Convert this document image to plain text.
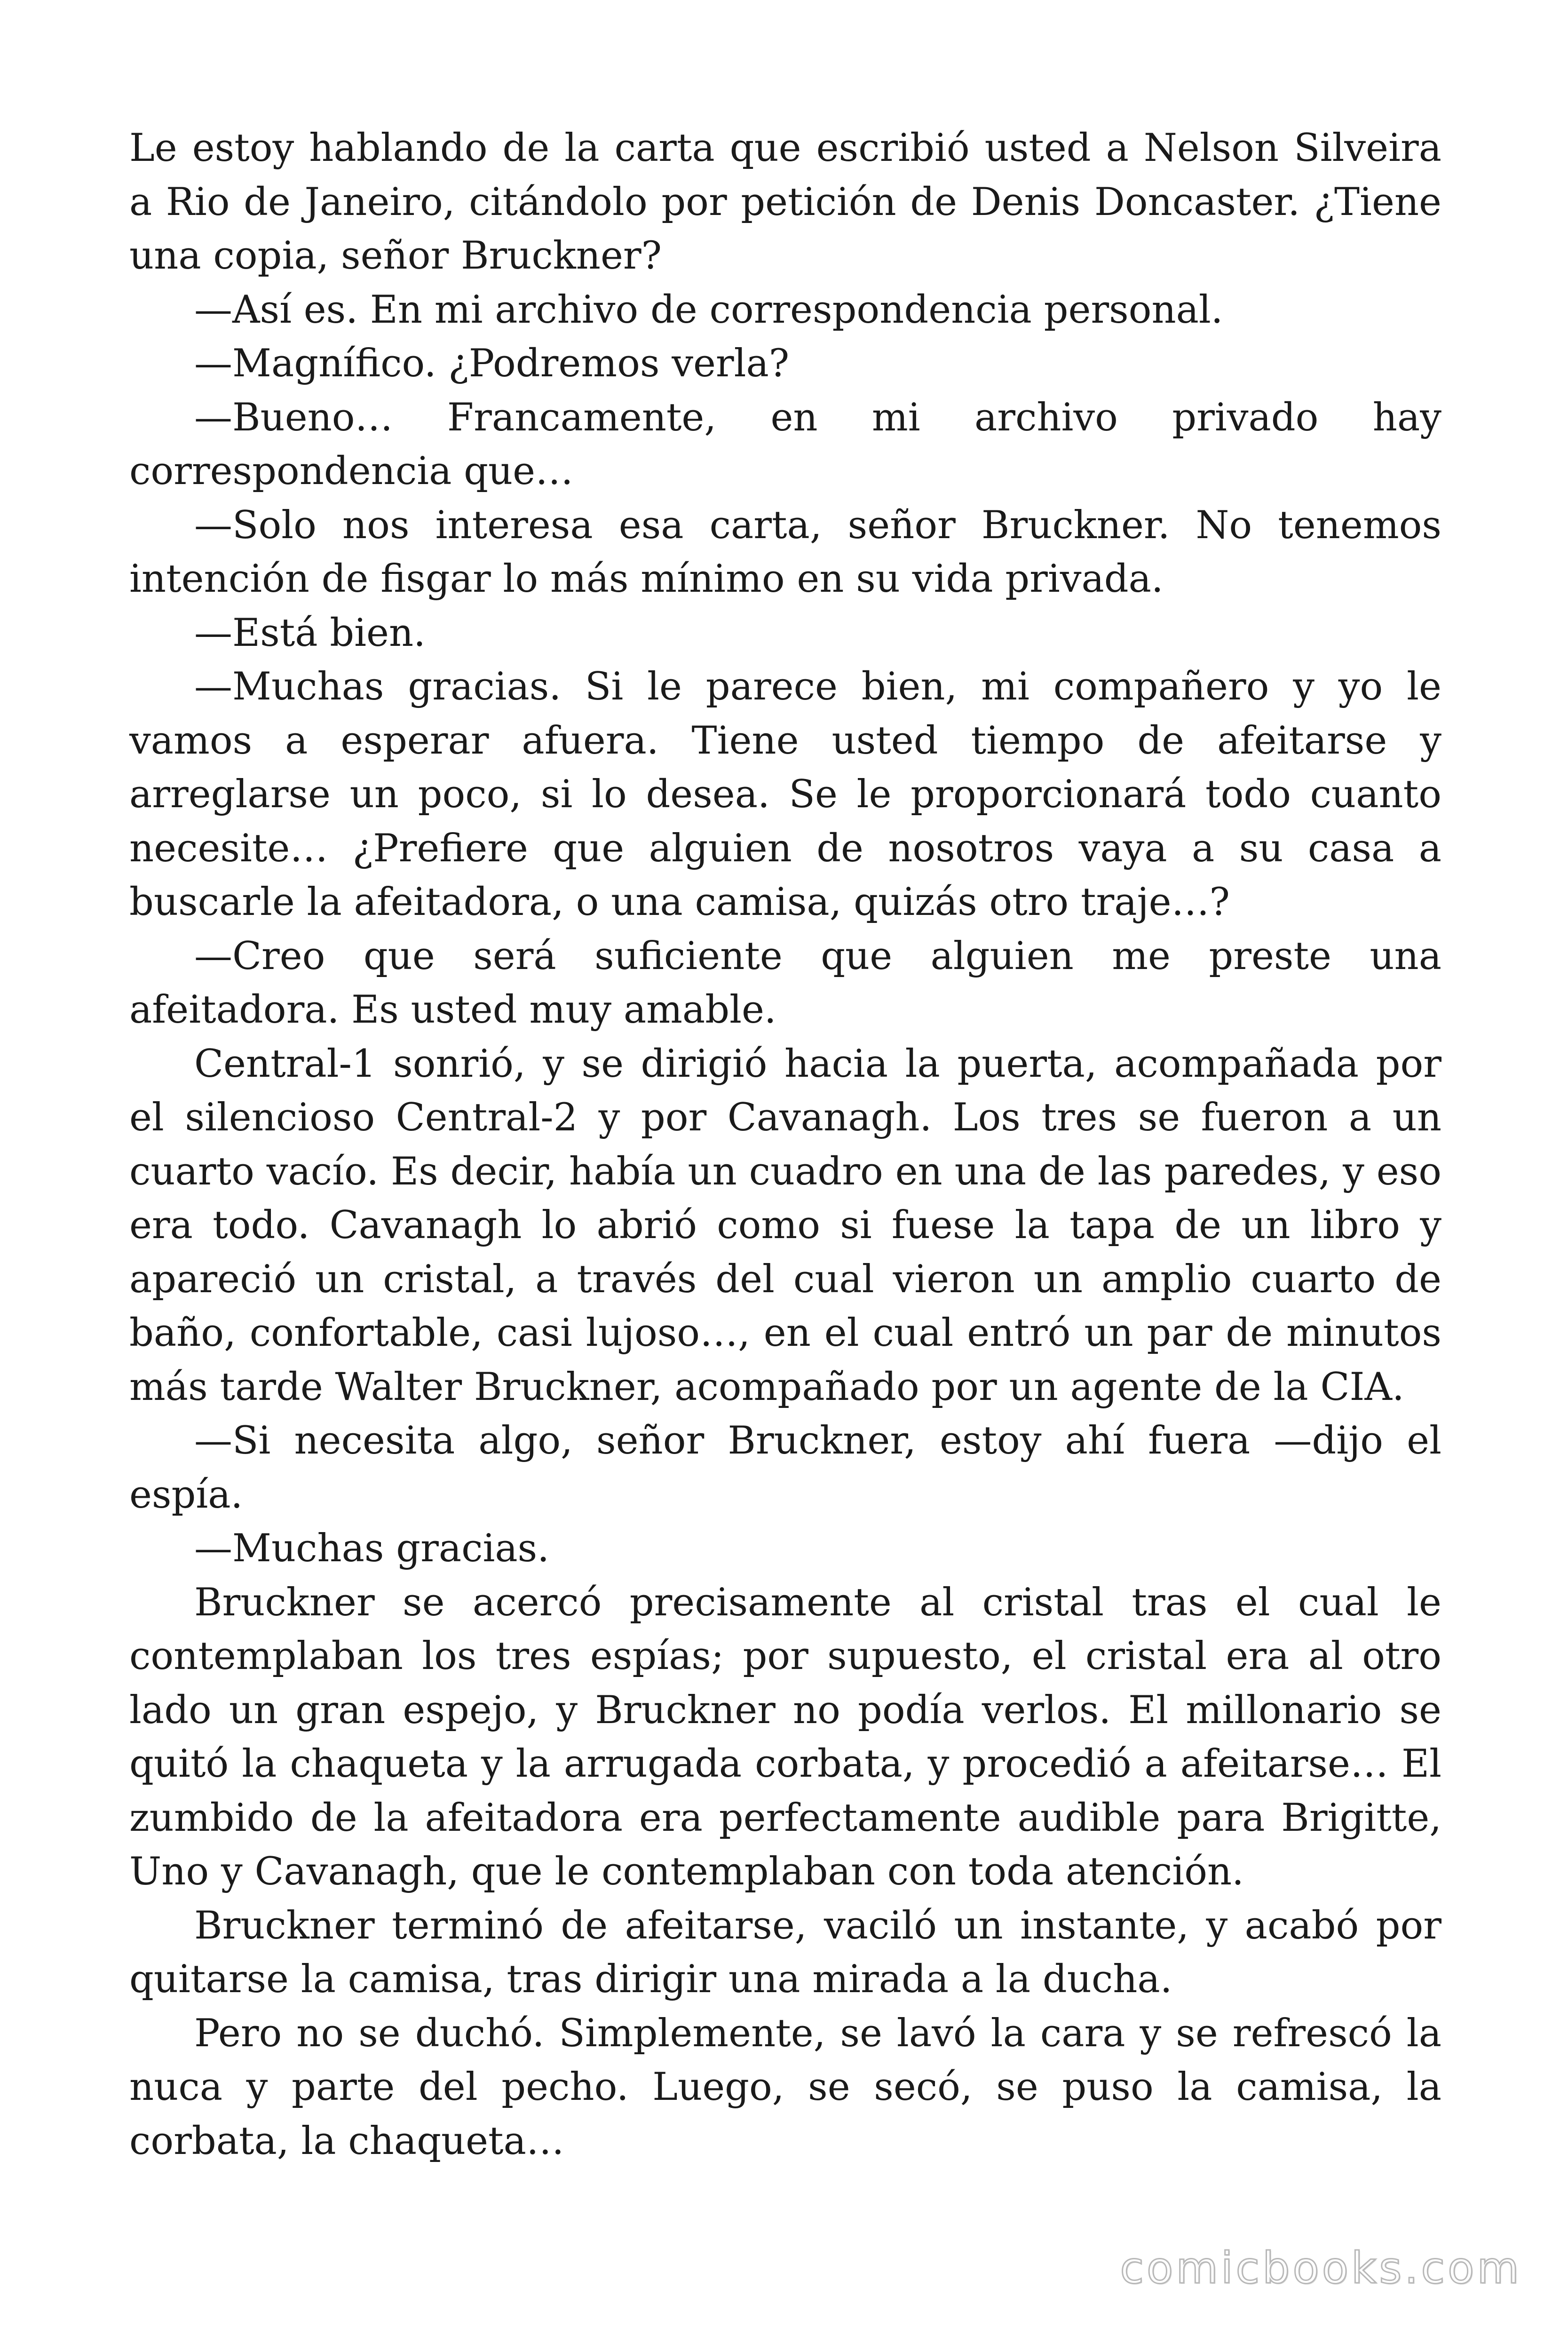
Le estoy hablando de la carta que escribió usted a Nelson Silveira a Rio de Janeiro, citándolo por petición de Denis Doncaster. ¿Tiene una copia, señor Bruckner?

—Así es. En mi archivo de correspondencia personal.

—Magnífico. ¿Podremos verla?

—Bueno… Francamente, en mi archivo privado hay correspondencia que…

—Solo nos interesa esa carta, señor Bruckner. No tenemos intención de fisgar lo más mínimo en su vida privada.

—Está bien.

—Muchas gracias. Si le parece bien, mi compañero y yo le vamos a esperar afuera. Tiene usted tiempo de afeitarse y arreglarse un poco, si lo desea. Se le proporcionará todo cuanto necesite… ¿Prefiere que alguien de nosotros vaya a su casa a buscarle la afeitadora, o una camisa, quizás otro traje…?

—Creo que será suficiente que alguien me preste una afeitadora. Es usted muy amable.

Central-1 sonrió, y se dirigió hacia la puerta, acompañada por el silencioso Central-2 y por Cavanagh. Los tres se fueron a un cuarto vacío. Es decir, había un cuadro en una de las paredes, y eso era todo. Cavanagh lo abrió como si fuese la tapa de un libro y apareció un cristal, a través del cual vieron un amplio cuarto de baño, confortable, casi lujoso…, en el cual entró un par de minutos más tarde Walter Bruckner, acompañado por un agente de la CIA.

—Si necesita algo, señor Bruckner, estoy ahí fuera —dijo el espía.

—Muchas gracias.

Bruckner se acercó precisamente al cristal tras el cual le contemplaban los tres espías; por supuesto, el cristal era al otro lado un gran espejo, y Bruckner no podía verlos. El millonario se quitó la chaqueta y la arrugada corbata, y procedió a afeitarse… El zumbido de la afeitadora era perfectamente audible para Brigitte, Uno y Cavanagh, que le contemplaban con toda atención.

Bruckner terminó de afeitarse, vaciló un instante, y acabó por quitarse la camisa, tras dirigir una mirada a la ducha.

Pero no se duchó. Simplemente, se lavó la cara y se refrescó la nuca y parte del pecho. Luego, se secó, se puso la camisa, la corbata, la chaqueta…

comicbooks.com
